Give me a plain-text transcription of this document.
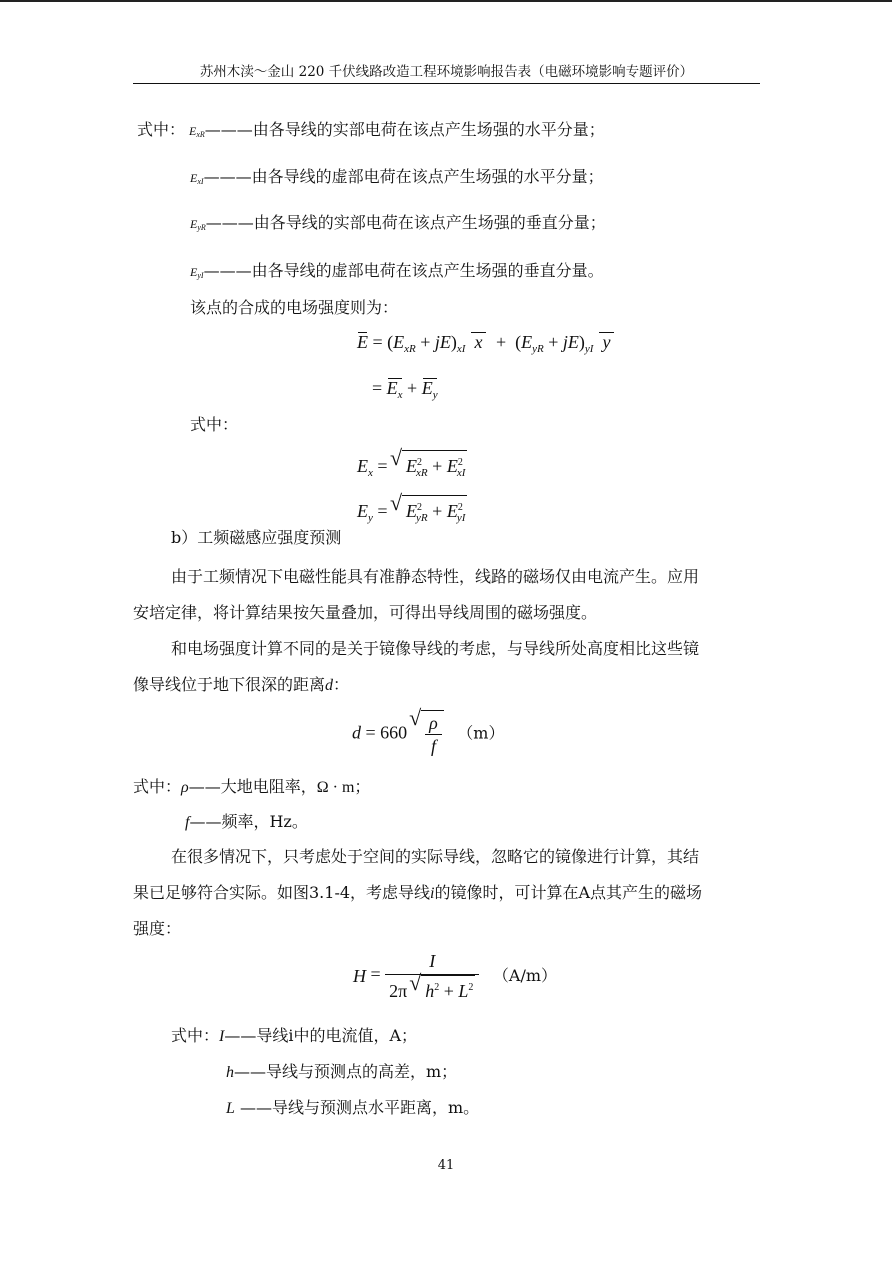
苏州木渎～金山 220 千伏线路改造工程环境影响报告表（电磁环境影响专题评价）
式中： $E_{xR}———$由各导线的实部电荷在该点产生场强的水平分量；
$E_{xI}———$由各导线的虚部电荷在该点产生场强的水平分量；
$E_{yR}———$由各导线的实部电荷在该点产生场强的垂直分量；
$E_{yI}———$由各导线的虚部电荷在该点产生场强的垂直分量。
该点的合成的电场强度则为：
$E = (E_{xR} + jE)_{xI}$  $x + (E_{yR} + jE)_{yI}$  y
= $E_x + E_y$
式中：
$E_x$ = √ $E^2_{xR} + E^2_{xI}$
$E_y$ = √ $E^2_{yR} + E^2_{yI}$
b）工频磁感应强度预测
由于工频情况下电磁性能具有准静态特性，线路的磁场仅由电流产生。应用
安培定律，将计算结果按矢量叠加，可得出导线周围的磁场强度。
和电场强度计算不同的是关于镜像导线的考虑，与导线所处高度相比这些镜
像导线位于地下很深的距离d：
d = 660 √ $\frac{\rho}{f} (m)$
式中：ρ——大地电阻率，Ω · m；
f——频率，Hz。
在很多情况下，只考虑处于空间的实际导线，忽略它的镜像进行计算，其结
果已足够符合实际。如图3.1-4，考虑导线i的镜像时，可计算在A点其产生的磁场
强度：
$H = \frac{I}{2\pi √ h^2 + L^2} (A/m)$
式中：I——导线i中的电流值，A；
h——导线与预测点的高差，m；
L ——导线与预测点水平距离，m。
41
